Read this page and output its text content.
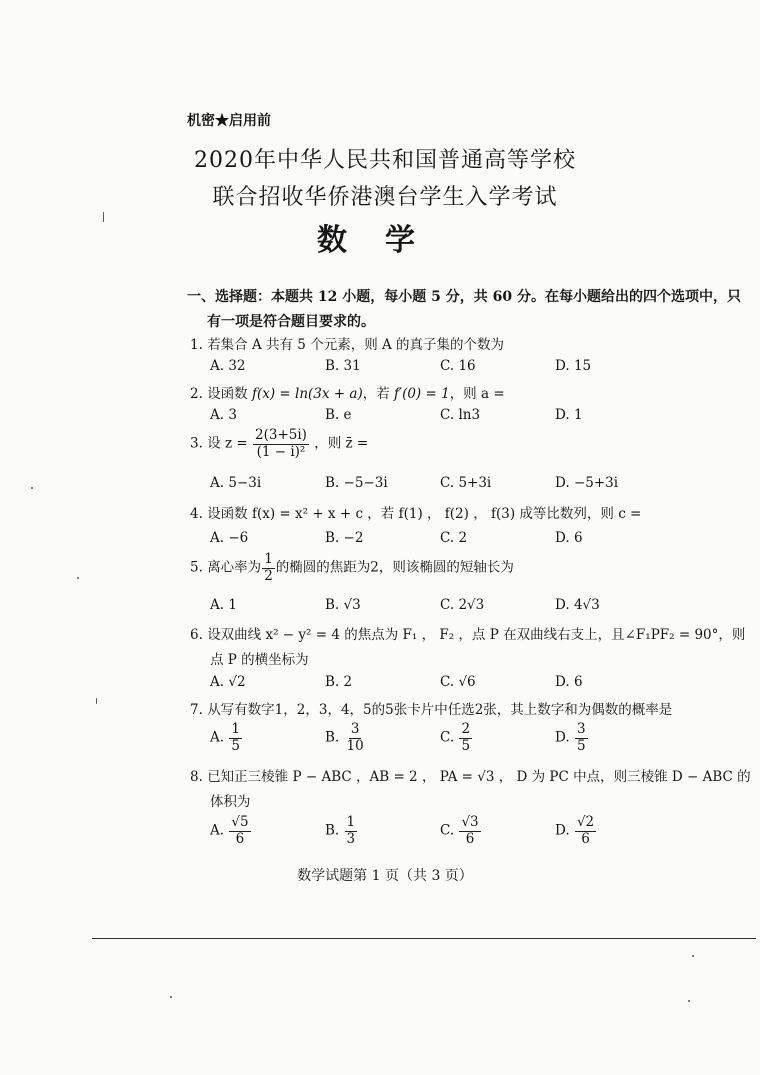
机密★启用前
2020年中华人民共和国普通高等学校
联合招收华侨港澳台学生入学考试
数学
一、选择题：本题共 12 小题，每小题 5 分，共 60 分。在每小题给出的四个选项中，只
有一项是符合题目要求的。
1. 若集合 A 共有 5 个元素，则 A 的真子集的个数为
A. 32	B. 31	C. 16	D. 15
2. 设函数 f(x) = ln(3x + a)，若 f′(0) = 1，则 a =
A. 3	B. e	C. ln3	D. 1
3. 设 $z = \frac{2(3+5i)}{\text{(1 − i)²}}$ ，则 z̄ =
A. 5−3i	B. −5−3i	C. 5+3i	D. −5+3i
4. 设函数 f(x) = x² + x + c ，若 f(1) ， f(2) ， f(3) 成等比数列，则 c =
A. −6	B. −2	C. 2	D. 6
5. 离心率为 $\frac{1}{2}$ 的椭圆的焦距为2，则该椭圆的短轴长为
A. 1	B. √3	C. 2√3	D. 4√3
6. 设双曲线 x² − y² = 4 的焦点为 F₁ ， F₂ ，点 P 在双曲线右支上，且∠F₁PF₂ = 90°，则
点 P 的横坐标为
A. √2	B. 2	C. √6	D. 6
7. 从写有数字1，2，3，4，5的5张卡片中任选2张，其上数字和为偶数的概率是
A. $\frac{1}{5}$	B. $\frac{3}{10}$	C. $\frac{2}{5}$	D. $\frac{3}{5}$
8. 已知正三棱锥 P − ABC ，AB = 2 ， PA = √3 ， D 为 PC 中点，则三棱锥 D − ABC 的
体积为
A. $\frac{√5}{6}$	B. $\frac{1}{3}$	C. $\frac{√3}{6}$	D. $\frac{√2}{6}$
数学试题第 1 页（共 3 页）
